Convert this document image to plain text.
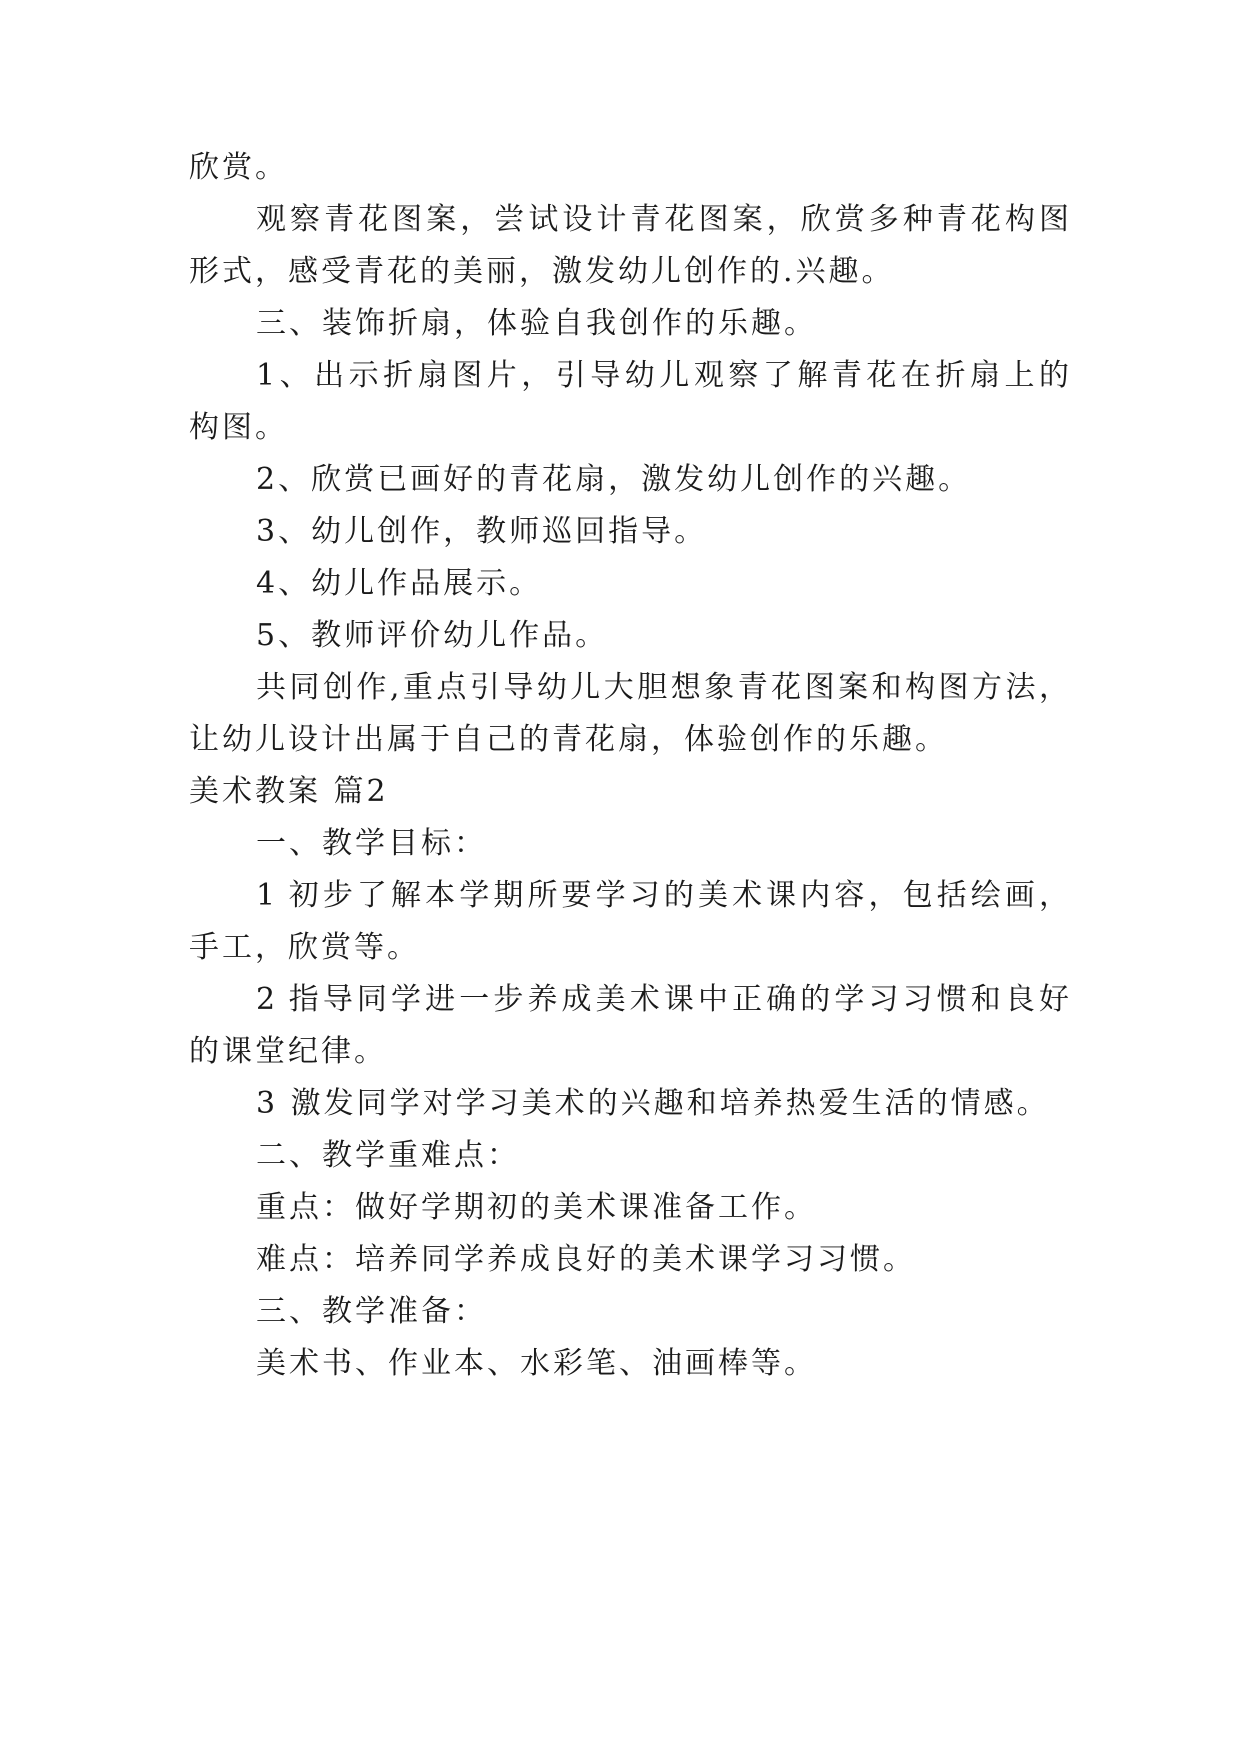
欣赏。
观察青花图案，尝试设计青花图案，欣赏多种青花构图
形式，感受青花的美丽，激发幼儿创作的.兴趣。
三、装饰折扇，体验自我创作的乐趣。
1、出示折扇图片，引导幼儿观察了解青花在折扇上的
构图。
2、欣赏已画好的青花扇，激发幼儿创作的兴趣。
3、幼儿创作，教师巡回指导。
4、幼儿作品展示。
5、教师评价幼儿作品。
共同创作,重点引导幼儿大胆想象青花图案和构图方法，
让幼儿设计出属于自己的青花扇，体验创作的乐趣。
美术教案 篇2
一、教学目标：
1 初步了解本学期所要学习的美术课内容，包括绘画，
手工，欣赏等。
2 指导同学进一步养成美术课中正确的学习习惯和良好
的课堂纪律。
3 激发同学对学习美术的兴趣和培养热爱生活的情感。
二、教学重难点：
重点：做好学期初的美术课准备工作。
难点：培养同学养成良好的美术课学习习惯。
三、教学准备：
美术书、作业本、水彩笔、油画棒等。
